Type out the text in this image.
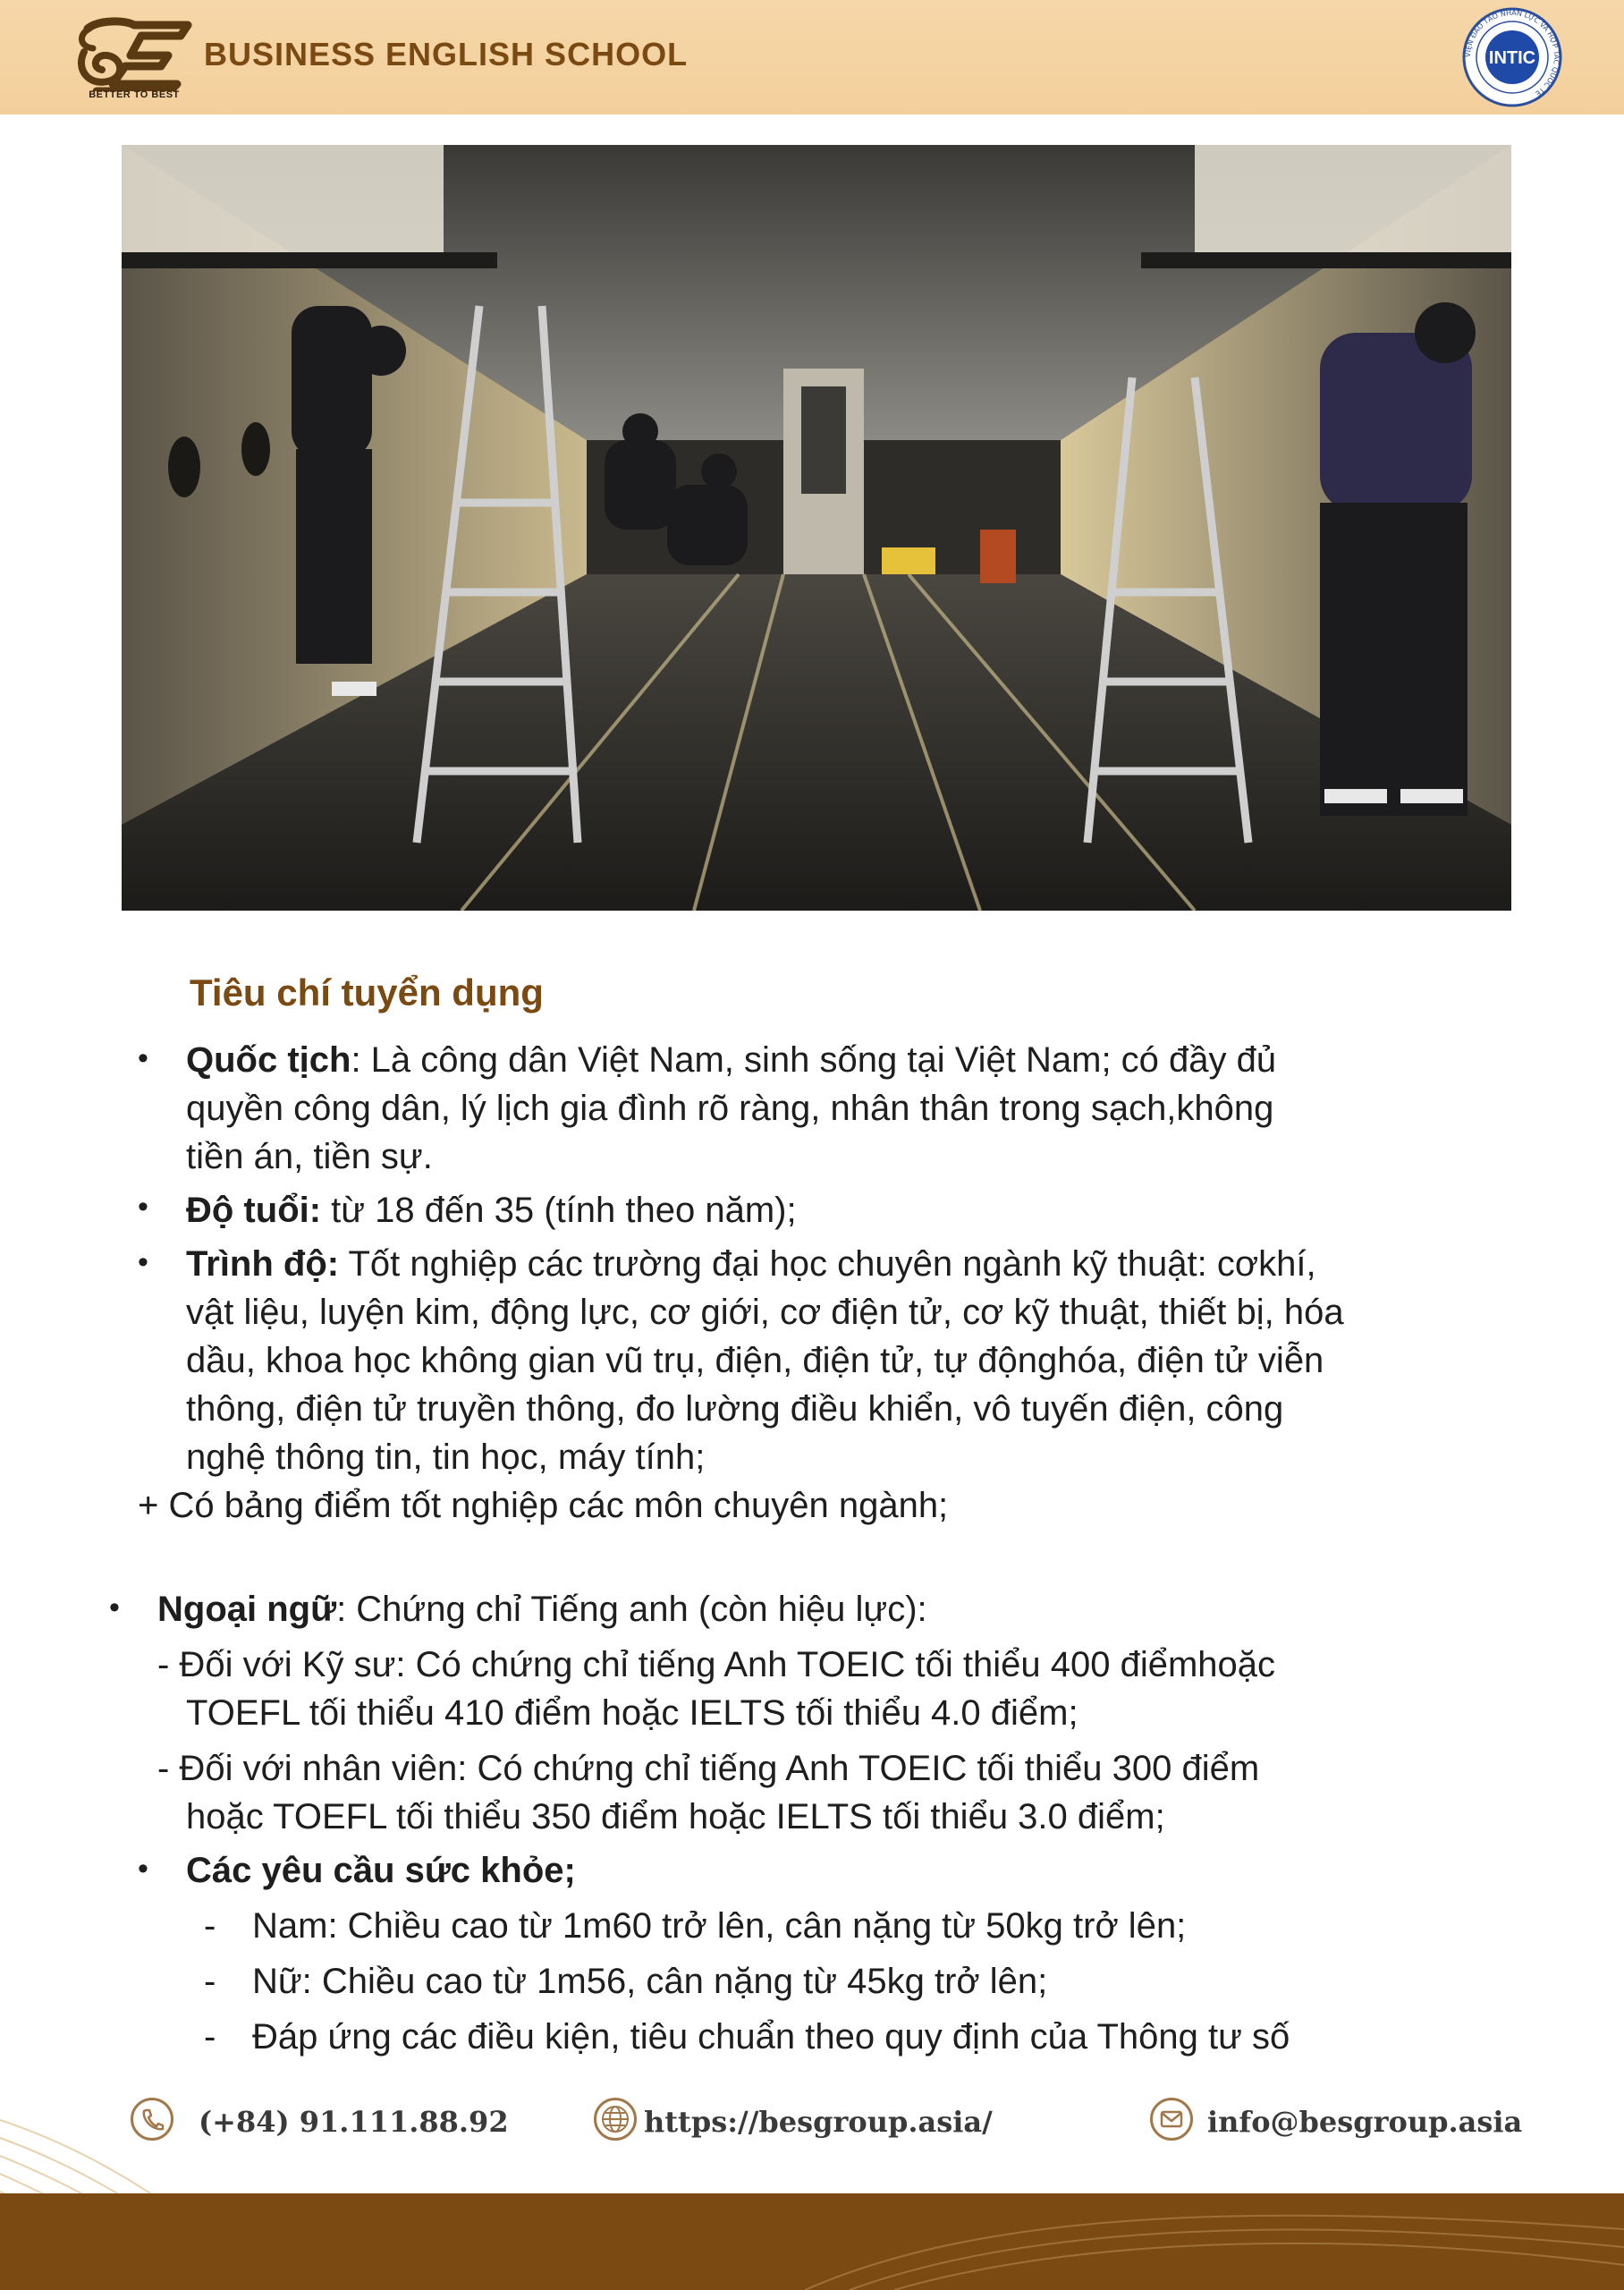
BETTER TO BEST
BUSINESS ENGLISH SCHOOL	VIỆN ĐÀO TẠO NHÂN LỰC VÀ HỢP TÁC QUỐC TẾ
INTIC
Tiêu chí tuyển dụng
• Quốc tịch: Là công dân Việt Nam, sinh sống tại Việt Nam; có đầy đủ
quyền công dân, lý lịch gia đình rõ ràng, nhân thân trong sạch,không
tiền án, tiền sự.
• Độ tuổi: từ 18 đến 35 (tính theo năm);
• Trình độ: Tốt nghiệp các trường đại học chuyên ngành kỹ thuật: cơkhí,
vật liệu, luyện kim, động lực, cơ giới, cơ điện tử, cơ kỹ thuật, thiết bị, hóa
dầu, khoa học không gian vũ trụ, điện, điện tử, tự độnghóa, điện tử viễn
thông, điện tử truyền thông, đo lường điều khiển, vô tuyến điện, công
nghệ thông tin, tin học, máy tính;
+ Có bảng điểm tốt nghiệp các môn chuyên ngành;
• Ngoại ngữ: Chứng chỉ Tiếng anh (còn hiệu lực):
- Đối với Kỹ sư: Có chứng chỉ tiếng Anh TOEIC tối thiểu 400 điểmhoặc
TOEFL tối thiểu 410 điểm hoặc IELTS tối thiểu 4.0 điểm;
- Đối với nhân viên: Có chứng chỉ tiếng Anh TOEIC tối thiểu 300 điểm
hoặc TOEFL tối thiểu 350 điểm hoặc IELTS tối thiểu 3.0 điểm;
• Các yêu cầu sức khỏe;
- Nam: Chiều cao từ 1m60 trở lên, cân nặng từ 50kg trở lên;
- Nữ: Chiều cao từ 1m56, cân nặng từ 45kg trở lên;
- Đáp ứng các điều kiện, tiêu chuẩn theo quy định của Thông tư số
(+84) 91.111.88.92	https://besgroup.asia/	info@besgroup.asia
